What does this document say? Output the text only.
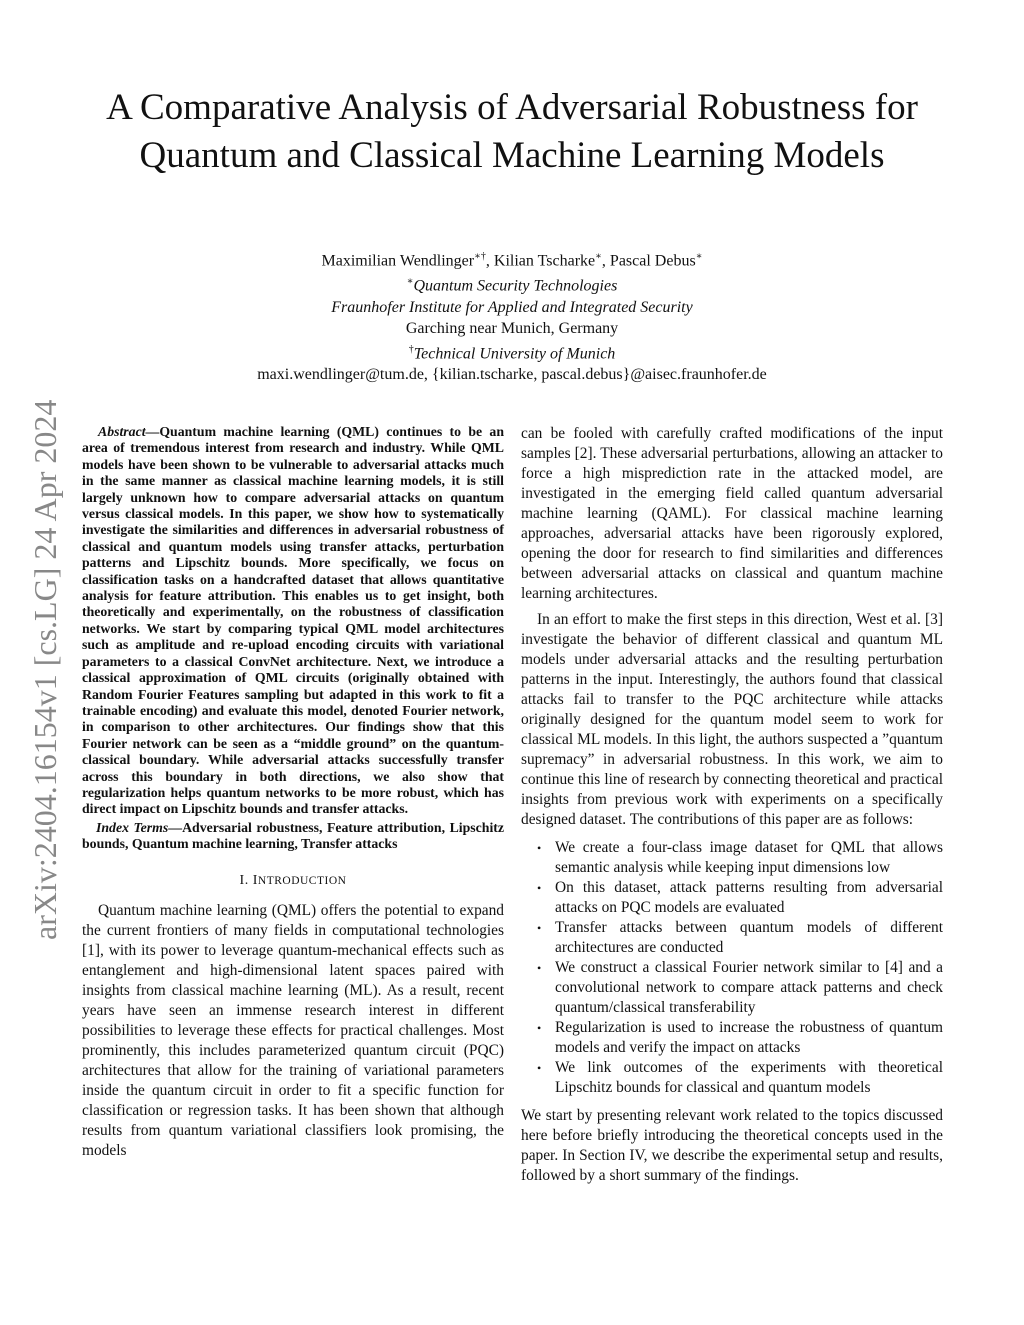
arXiv:2404.16154v1 [cs.LG] 24 Apr 2024
A Comparative Analysis of Adversarial Robustness for Quantum and Classical Machine Learning Models
Maximilian Wendlinger∗†, Kilian Tscharke∗, Pascal Debus∗
∗Quantum Security Technologies
Fraunhofer Institute for Applied and Integrated Security
Garching near Munich, Germany
†Technical University of Munich
maxi.wendlinger@tum.de, {kilian.tscharke, pascal.debus}@aisec.fraunhofer.de

Abstract—Quantum machine learning (QML) continues to be an area of tremendous interest from research and industry. While QML models have been shown to be vulnerable to adversarial attacks much in the same manner as classical machine learning models, it is still largely unknown how to compare adversarial attacks on quantum versus classical models. In this paper, we show how to systematically investigate the similarities and differences in adversarial robustness of classical and quantum models using transfer attacks, perturbation patterns and Lipschitz bounds. More specifically, we focus on classification tasks on a handcrafted dataset that allows quantitative analysis for feature attribution. This enables us to get insight, both theoretically and experimentally, on the robustness of classification networks. We start by comparing typical QML model architectures such as amplitude and re-upload encoding circuits with variational parameters to a classical ConvNet architecture. Next, we introduce a classical approximation of QML circuits (originally obtained with Random Fourier Features sampling but adapted in this work to fit a trainable encoding) and evaluate this model, denoted Fourier network, in comparison to other architectures. Our findings show that this Fourier network can be seen as a “middle ground” on the quantum-classical boundary. While adversarial attacks successfully transfer across this boundary in both directions, we also show that regularization helps quantum networks to be more robust, which has direct impact on Lipschitz bounds and transfer attacks.

Index Terms—Adversarial robustness, Feature attribution, Lipschitz bounds, Quantum machine learning, Transfer attacks

I. INTRODUCTION

Quantum machine learning (QML) offers the potential to expand the current frontiers of many fields in computational technologies [1], with its power to leverage quantum-mechanical effects such as entanglement and high-dimensional latent spaces paired with insights from classical machine learning (ML). As a result, recent years have seen an immense research interest in different possibilities to leverage these effects for practical challenges. Most prominently, this includes parameterized quantum circuit (PQC) architectures that allow for the training of variational parameters inside the quantum circuit in order to fit a specific function for classification or regression tasks. It has been shown that although results from quantum variational classifiers look promising, the models

can be fooled with carefully crafted modifications of the input samples [2]. These adversarial perturbations, allowing an attacker to force a high misprediction rate in the attacked model, are investigated in the emerging field called quantum adversarial machine learning (QAML). For classical machine learning approaches, adversarial attacks have been rigorously explored, opening the door for research to find similarities and differences between adversarial attacks on classical and quantum machine learning architectures.

In an effort to make the first steps in this direction, West et al. [3] investigate the behavior of different classical and quantum ML models under adversarial attacks and the resulting perturbation patterns in the input. Interestingly, the authors found that classical attacks fail to transfer to the PQC architecture while attacks originally designed for the quantum model seem to work for classical ML models. In this light, the authors suspected a ”quantum supremacy” in adversarial robustness. In this work, we aim to continue this line of research by connecting theoretical and practical insights from previous work with experiments on a specifically designed dataset. The contributions of this paper are as follows:

• We create a four-class image dataset for QML that allows semantic analysis while keeping input dimensions low
• On this dataset, attack patterns resulting from adversarial attacks on PQC models are evaluated
• Transfer attacks between quantum models of different architectures are conducted
• We construct a classical Fourier network similar to [4] and a convolutional network to compare attack patterns and check quantum/classical transferability
• Regularization is used to increase the robustness of quantum models and verify the impact on attacks
• We link outcomes of the experiments with theoretical Lipschitz bounds for classical and quantum models

We start by presenting relevant work related to the topics discussed here before briefly introducing the theoretical concepts used in the paper. In Section IV, we describe the experimental setup and results, followed by a short summary of the findings.
